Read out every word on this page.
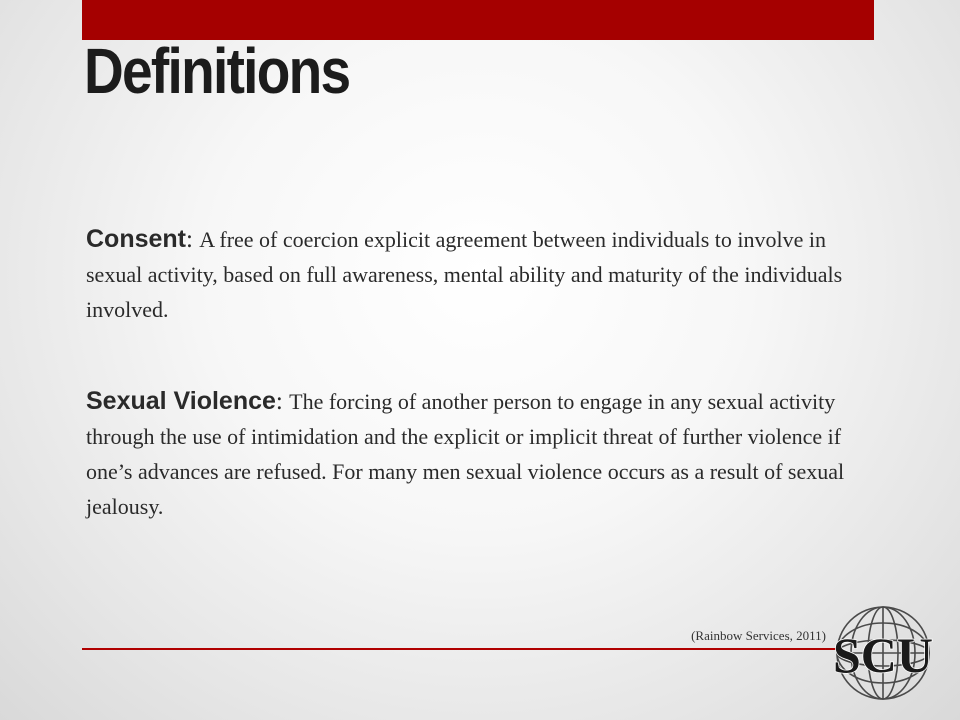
Definitions

Consent: A free of coercion explicit agreement between individuals to involve in sexual activity, based on full awareness, mental ability and maturity of the individuals involved.

Sexual Violence: The forcing of another person to engage in any sexual activity through the use of intimidation and the explicit or implicit threat of further violence if one’s advances are refused. For many men sexual violence occurs as a result of sexual jealousy.

(Rainbow Services, 2011) SCU
